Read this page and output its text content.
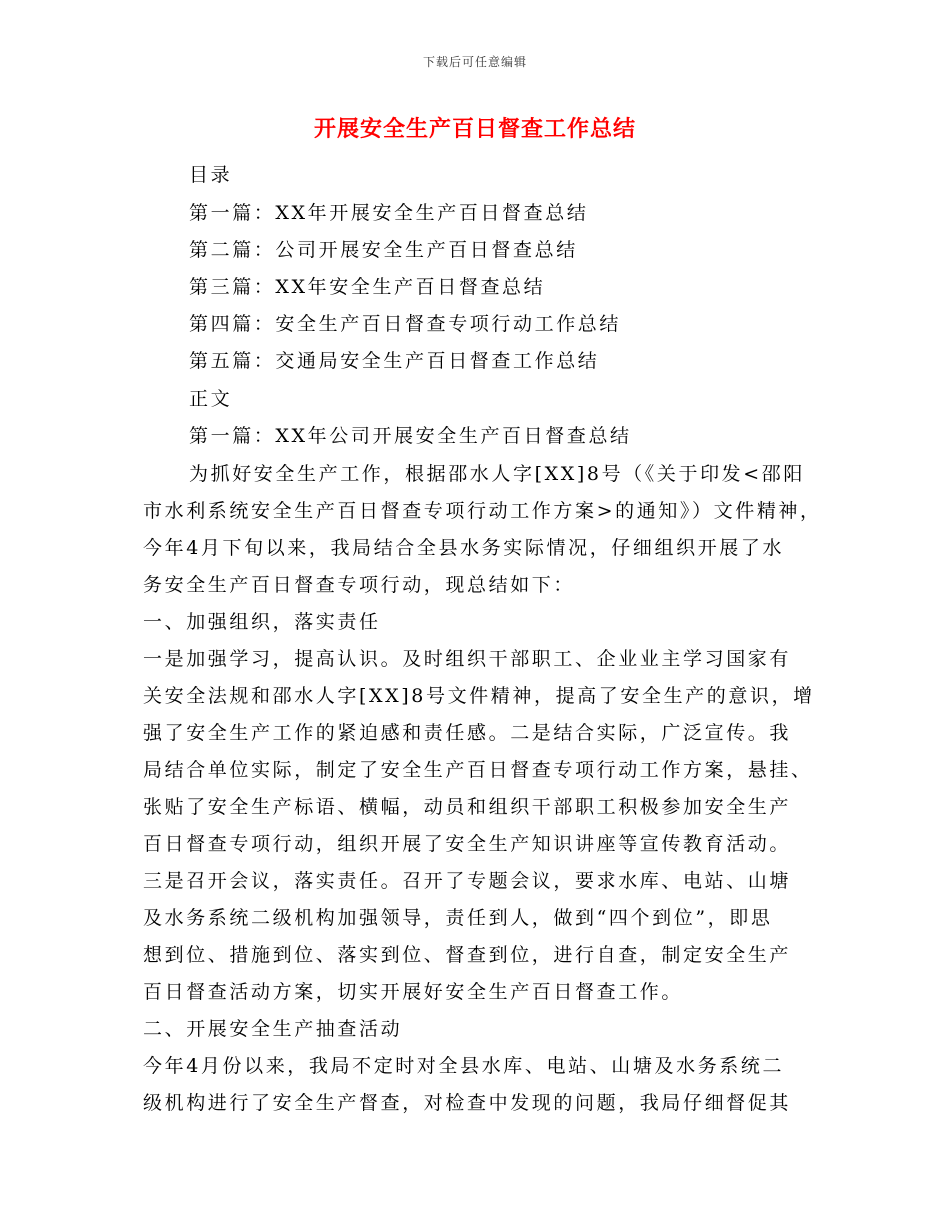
下载后可任意编辑
开展安全生产百日督查工作总结
目录
第一篇：XX年开展安全生产百日督查总结
第二篇：公司开展安全生产百日督查总结
第三篇：XX年安全生产百日督查总结
第四篇：安全生产百日督查专项行动工作总结
第五篇：交通局安全生产百日督查工作总结
正文
第一篇：XX年公司开展安全生产百日督查总结
为抓好安全生产工作，根据邵水人字[XX]8号（《关于印发<邵阳
市水利系统安全生产百日督查专项行动工作方案>的通知》）文件精神，
今年4月下旬以来，我局结合全县水务实际情况，仔细组织开展了水
务安全生产百日督查专项行动，现总结如下：
一、加强组织，落实责任
一是加强学习，提高认识。及时组织干部职工、企业业主学习国家有
关安全法规和邵水人字[XX]8号文件精神，提高了安全生产的意识，增
强了安全生产工作的紧迫感和责任感。二是结合实际，广泛宣传。我
局结合单位实际，制定了安全生产百日督查专项行动工作方案，悬挂、
张贴了安全生产标语、横幅，动员和组织干部职工积极参加安全生产
百日督查专项行动，组织开展了安全生产知识讲座等宣传教育活动。
三是召开会议，落实责任。召开了专题会议，要求水库、电站、山塘
及水务系统二级机构加强领导，责任到人，做到“四个到位”，即思
想到位、措施到位、落实到位、督查到位，进行自查，制定安全生产
百日督查活动方案，切实开展好安全生产百日督查工作。
二、开展安全生产抽查活动
今年4月份以来，我局不定时对全县水库、电站、山塘及水务系统二
级机构进行了安全生产督查，对检查中发现的问题，我局仔细督促其
